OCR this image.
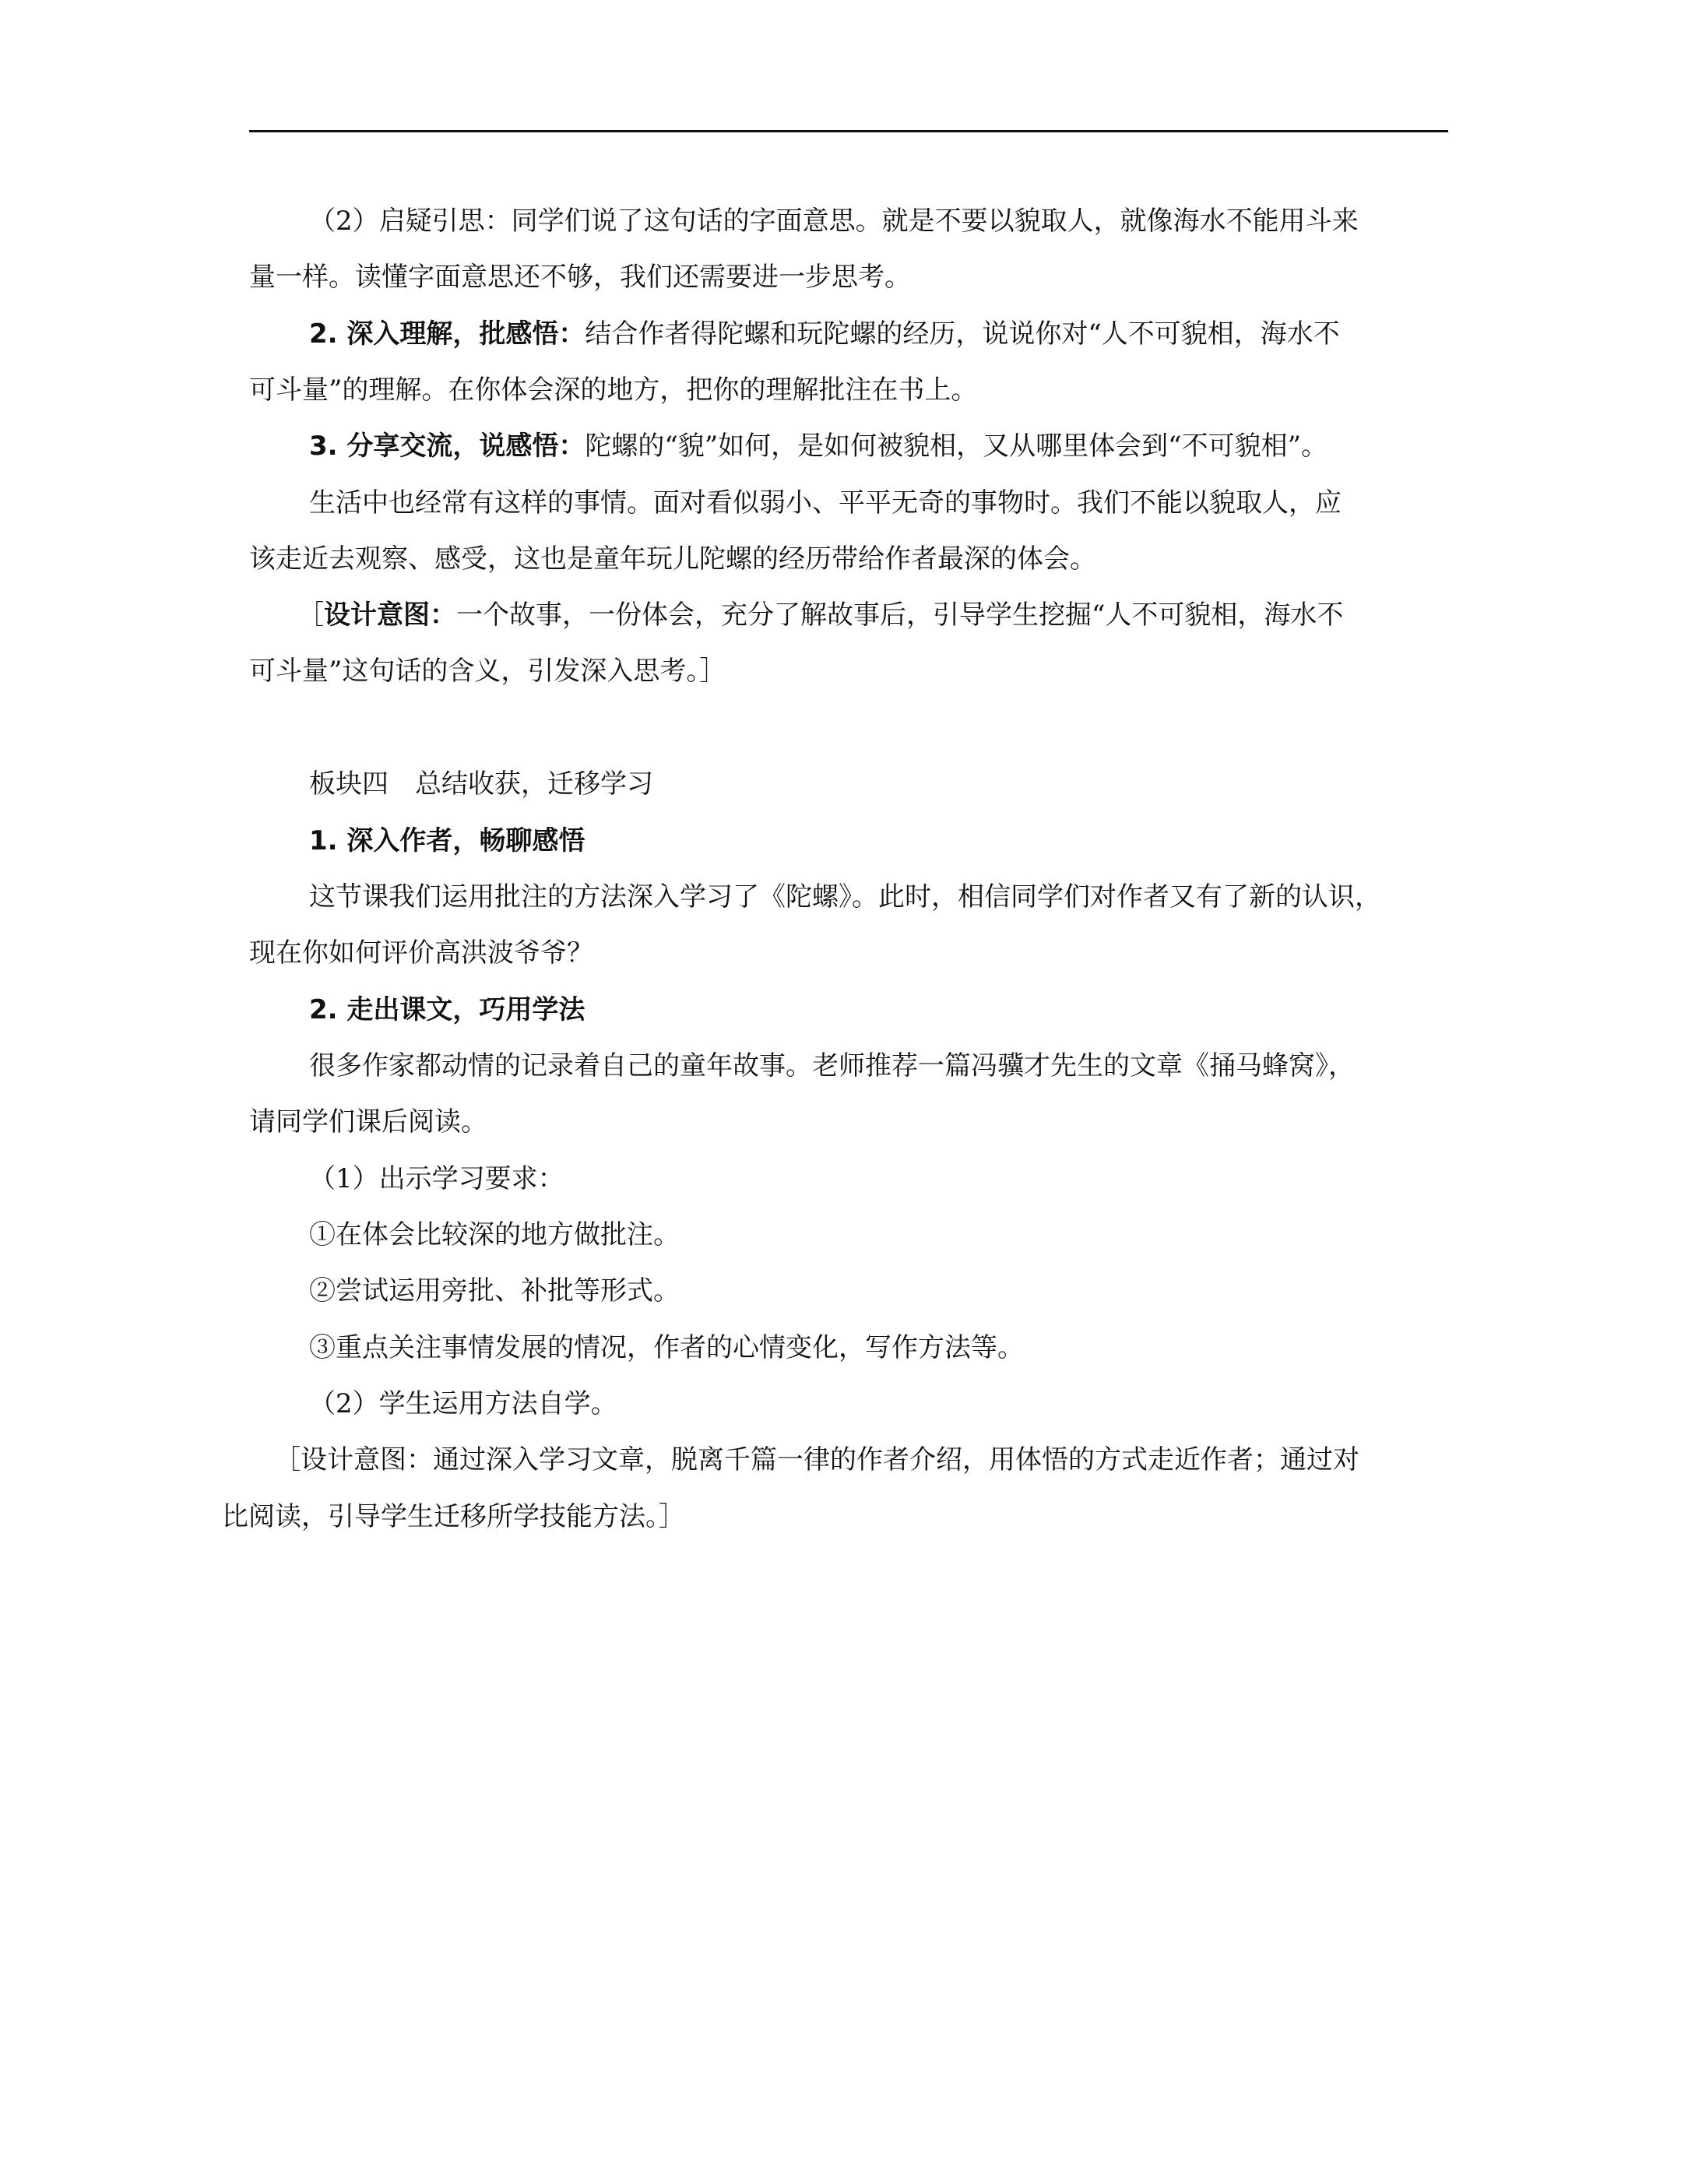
（2）启疑引思：同学们说了这句话的字面意思。就是不要以貌取人，就像海水不能用斗来
量一样。读懂字面意思还不够，我们还需要进一步思考。
2. 深入理解，批感悟：结合作者得陀螺和玩陀螺的经历，说说你对“人不可貌相，海水不
可斗量”的理解。在你体会深的地方，把你的理解批注在书上。
3. 分享交流，说感悟：陀螺的“貌”如何，是如何被貌相，又从哪里体会到“不可貌相”。
生活中也经常有这样的事情。面对看似弱小、平平无奇的事物时。我们不能以貌取人，应
该走近去观察、感受，这也是童年玩儿陀螺的经历带给作者最深的体会。
［设计意图：一个故事，一份体会，充分了解故事后，引导学生挖掘“人不可貌相，海水不
可斗量”这句话的含义，引发深入思考。］
板块四　总结收获，迁移学习
1. 深入作者，畅聊感悟
这节课我们运用批注的方法深入学习了《陀螺》。此时，相信同学们对作者又有了新的认识，
现在你如何评价高洪波爷爷？
2. 走出课文，巧用学法
很多作家都动情的记录着自己的童年故事。老师推荐一篇冯骥才先生的文章《捅马蜂窝》，
请同学们课后阅读。
（1）出示学习要求：
①在体会比较深的地方做批注。
②尝试运用旁批、补批等形式。
③重点关注事情发展的情况，作者的心情变化，写作方法等。
（2）学生运用方法自学。
［设计意图：通过深入学习文章，脱离千篇一律的作者介绍，用体悟的方式走近作者；通过对
比阅读，引导学生迁移所学技能方法。］
